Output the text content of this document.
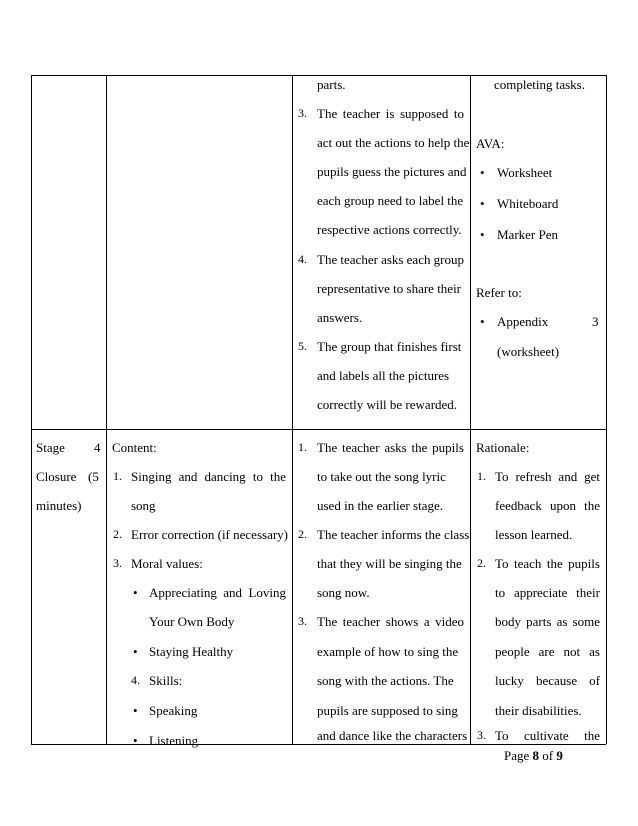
parts.
3. The teacher is supposed to
act out the actions to help the
pupils guess the pictures and
each group need to label the
respective actions correctly.
4. The teacher asks each group
representative to share their
answers.
5. The group that finishes first
and labels all the pictures
correctly will be rewarded.
completing tasks.
AVA:
• Worksheet
• Whiteboard
• Marker Pen
Refer to:
• Appendix	3
(worksheet)
Stage 4
Closure (5
minutes)
Content:
1. Singing and dancing to the
song
2. Error correction (if necessary)
3. Moral values:
• Appreciating and Loving
Your Own Body
• Staying Healthy
4. Skills:
• Speaking
• Listening
1. The teacher asks the pupils
to take out the song lyric
used in the earlier stage.
2. The teacher informs the class
that they will be singing the
song now.
3. The teacher shows a video
example of how to sing the
song with the actions. The
pupils are supposed to sing
and dance like the characters
Rationale:
1. To refresh and get
feedback upon the
lesson learned.
2. To teach the pupils
to appreciate their
body parts as some
people are not as
lucky because of
their disabilities.
3. To cultivate the
Page 8 of 9
